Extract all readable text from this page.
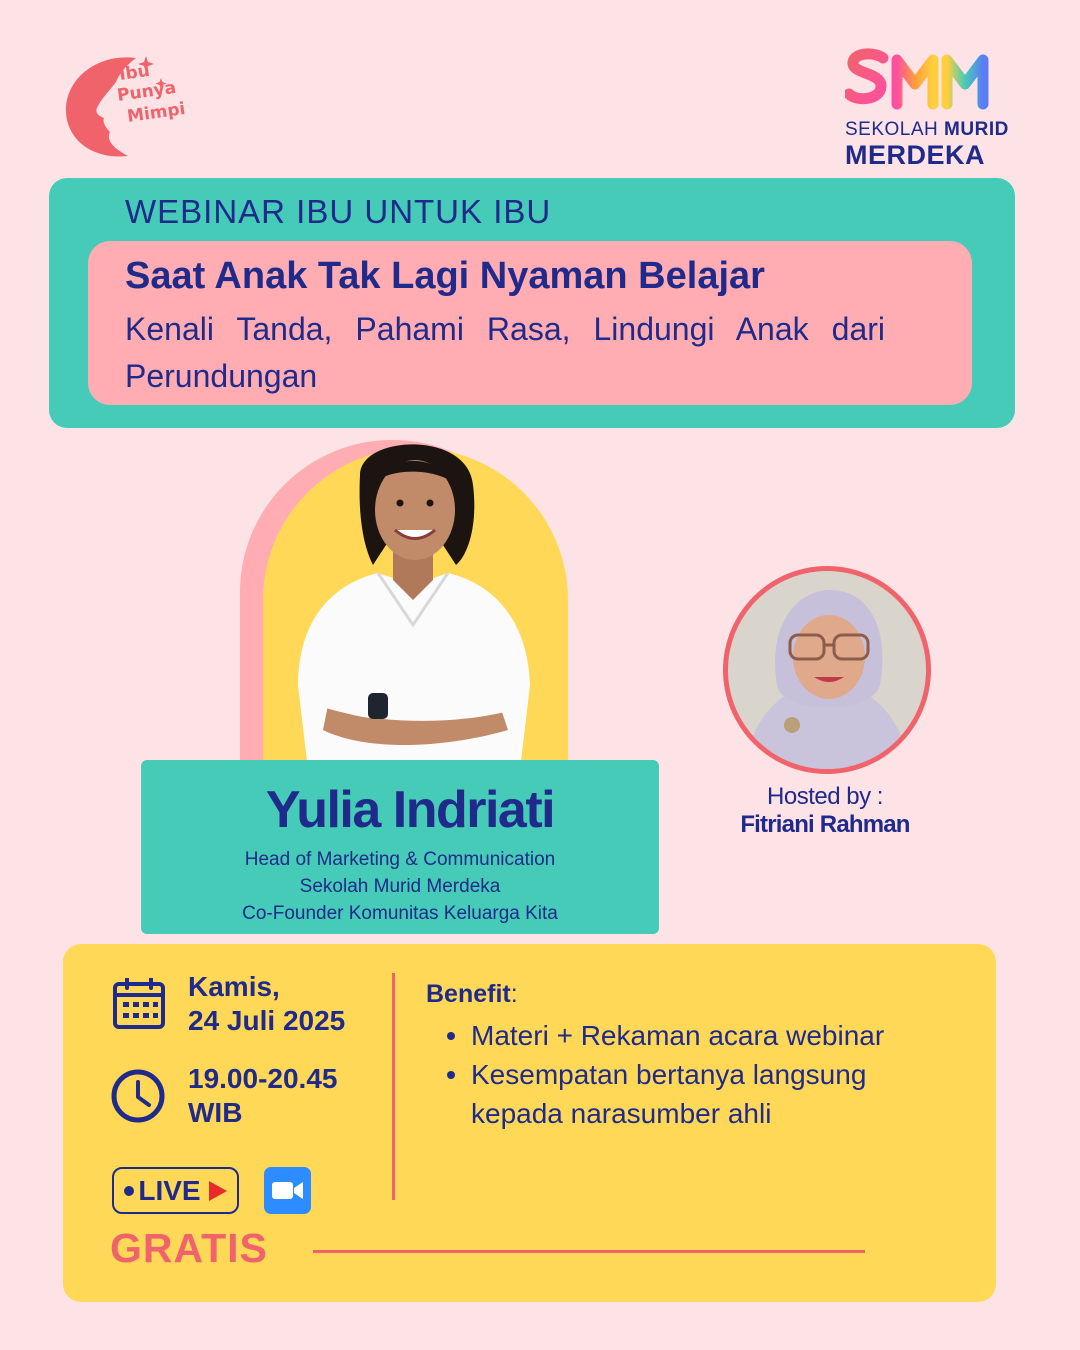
Ibu
Punya
Mimpi
SEKOLAH MURID
MERDEKA
WEBINAR IBU UNTUK IBU
Saat Anak Tak Lagi Nyaman Belajar
Kenali Tanda, Pahami Rasa, Lindungi Anak dari Perundungan
Yulia Indriati
Head of Marketing & Communication
Sekolah Murid Merdeka
Co-Founder Komunitas Keluarga Kita
Hosted by :
Fitriani Rahman
Kamis,
24 Juli 2025
19.00-20.45
WIB
LIVE
GRATIS
Benefit:
Materi + Rekaman acara webinar
Kesempatan bertanya langsung kepada narasumber ahli
